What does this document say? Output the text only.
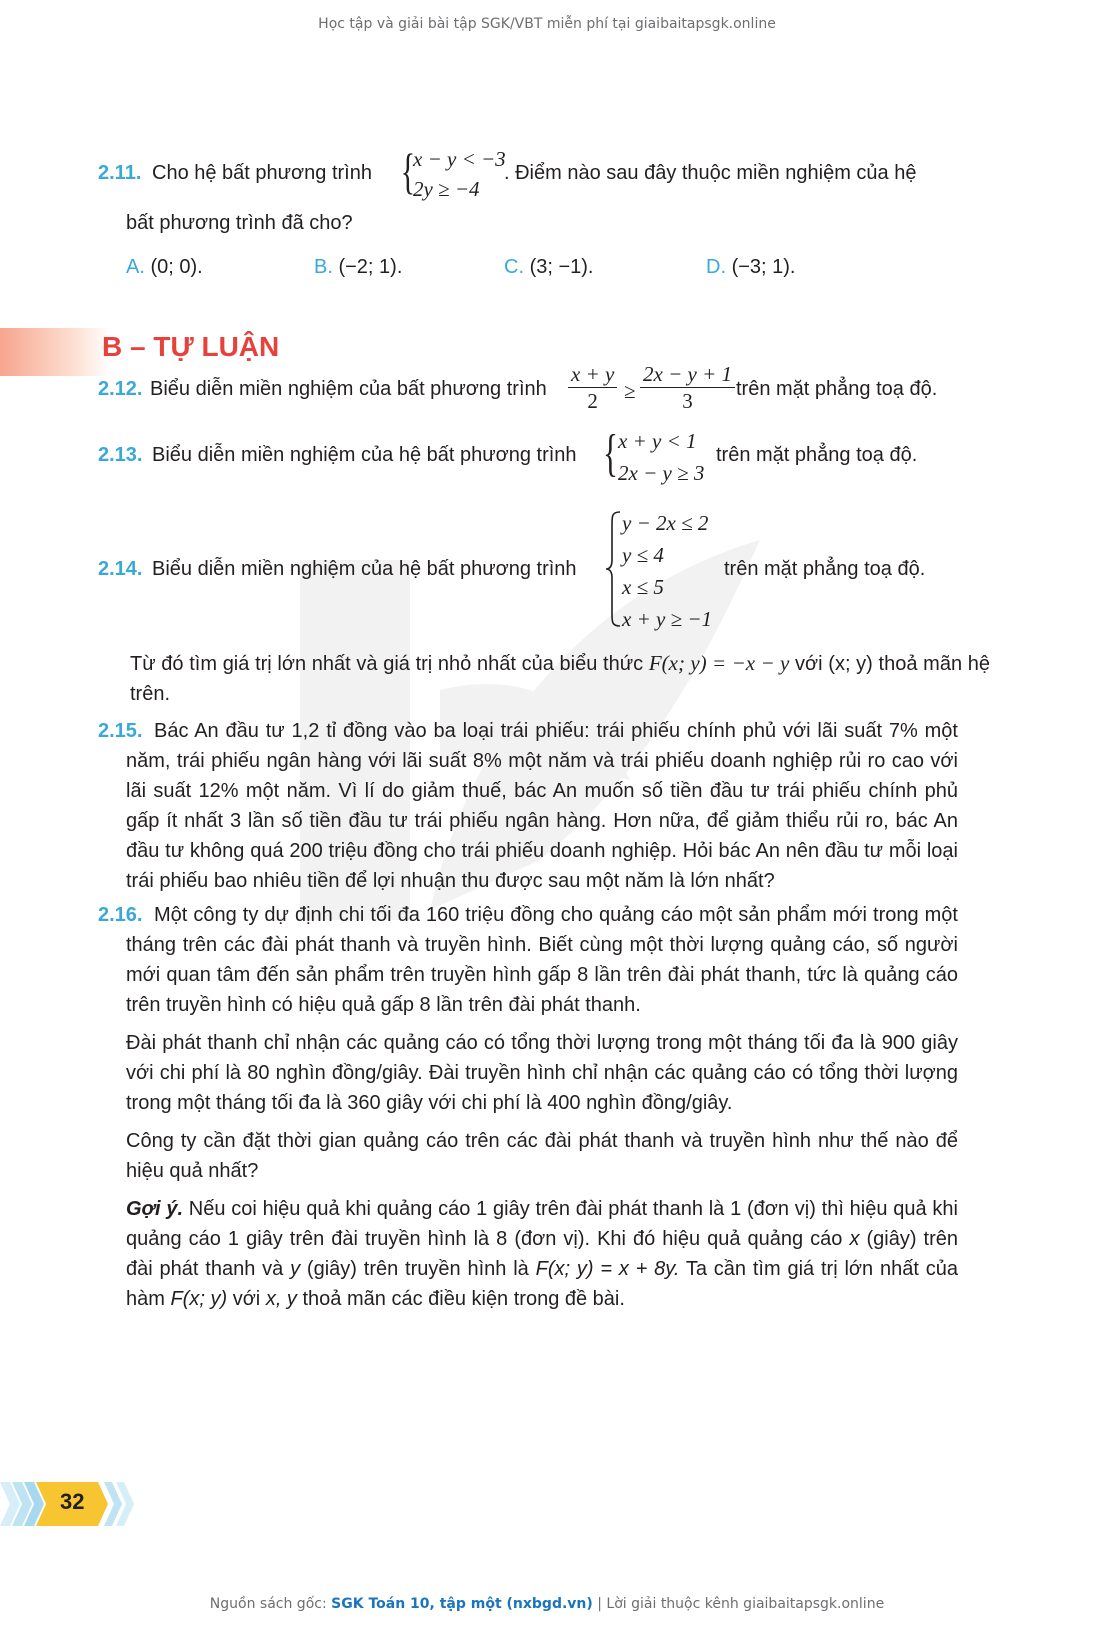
Học tập và giải bài tập SGK/VBT miễn phí tại giaibaitapsgk.online
2.11. Cho hệ bất phương trình {
x − y < −3
2y ≥ −4
. Điểm nào sau đây thuộc miền nghiệm của hệ
bất phương trình đã cho?
A. (0; 0).	B. (−2; 1).	C. (3; −1).	D. (−3; 1).
B – TỰ LUẬN
2.12. Biểu diễn miền nghiệm của bất phương trình $\frac{x + y}{2} \ge \frac{2x - y + 1}{3}$ trên mặt phẳng toạ độ.
2.13. Biểu diễn miền nghiệm của hệ bất phương trình { x + y < 1
2x − y ≥ 3
trên mặt phẳng toạ độ.
2.14. Biểu diễn miền nghiệm của hệ bất phương trình
y − 2x ≤ 2
y ≤ 4
x ≤ 5
x + y ≥ −1
trên mặt phẳng toạ độ.
Từ đó tìm giá trị lớn nhất và giá trị nhỏ nhất của biểu thức F(x; y) = −x − y với (x; y) thoả mãn hệ trên.
2.15. Bác An đầu tư 1,2 tỉ đồng vào ba loại trái phiếu: trái phiếu chính phủ với lãi suất 7% một năm, trái phiếu ngân hàng với lãi suất 8% một năm và trái phiếu doanh nghiệp rủi ro cao với lãi suất 12% một năm. Vì lí do giảm thuế, bác An muốn số tiền đầu tư trái phiếu chính phủ gấp ít nhất 3 lần số tiền đầu tư trái phiếu ngân hàng. Hơn nữa, để giảm thiểu rủi ro, bác An đầu tư không quá 200 triệu đồng cho trái phiếu doanh nghiệp. Hỏi bác An nên đầu tư mỗi loại trái phiếu bao nhiêu tiền để lợi nhuận thu được sau một năm là lớn nhất?
2.16. Một công ty dự định chi tối đa 160 triệu đồng cho quảng cáo một sản phẩm mới trong một tháng trên các đài phát thanh và truyền hình. Biết cùng một thời lượng quảng cáo, số người mới quan tâm đến sản phẩm trên truyền hình gấp 8 lần trên đài phát thanh, tức là quảng cáo trên truyền hình có hiệu quả gấp 8 lần trên đài phát thanh.
Đài phát thanh chỉ nhận các quảng cáo có tổng thời lượng trong một tháng tối đa là 900 giây với chi phí là 80 nghìn đồng/giây. Đài truyền hình chỉ nhận các quảng cáo có tổng thời lượng trong một tháng tối đa là 360 giây với chi phí là 400 nghìn đồng/giây.
Công ty cần đặt thời gian quảng cáo trên các đài phát thanh và truyền hình như thế nào để hiệu quả nhất?
Gợi ý. Nếu coi hiệu quả khi quảng cáo 1 giây trên đài phát thanh là 1 (đơn vị) thì hiệu quả khi quảng cáo 1 giây trên đài truyền hình là 8 (đơn vị). Khi đó hiệu quả quảng cáo x (giây) trên đài phát thanh và y (giây) trên truyền hình là F(x; y) = x + 8y. Ta cần tìm giá trị lớn nhất của hàm F(x; y) với x, y thoả mãn các điều kiện trong đề bài.
32
Nguồn sách gốc: SGK Toán 10, tập một (nxbgd.vn) | Lời giải thuộc kênh giaibaitapsgk.online
